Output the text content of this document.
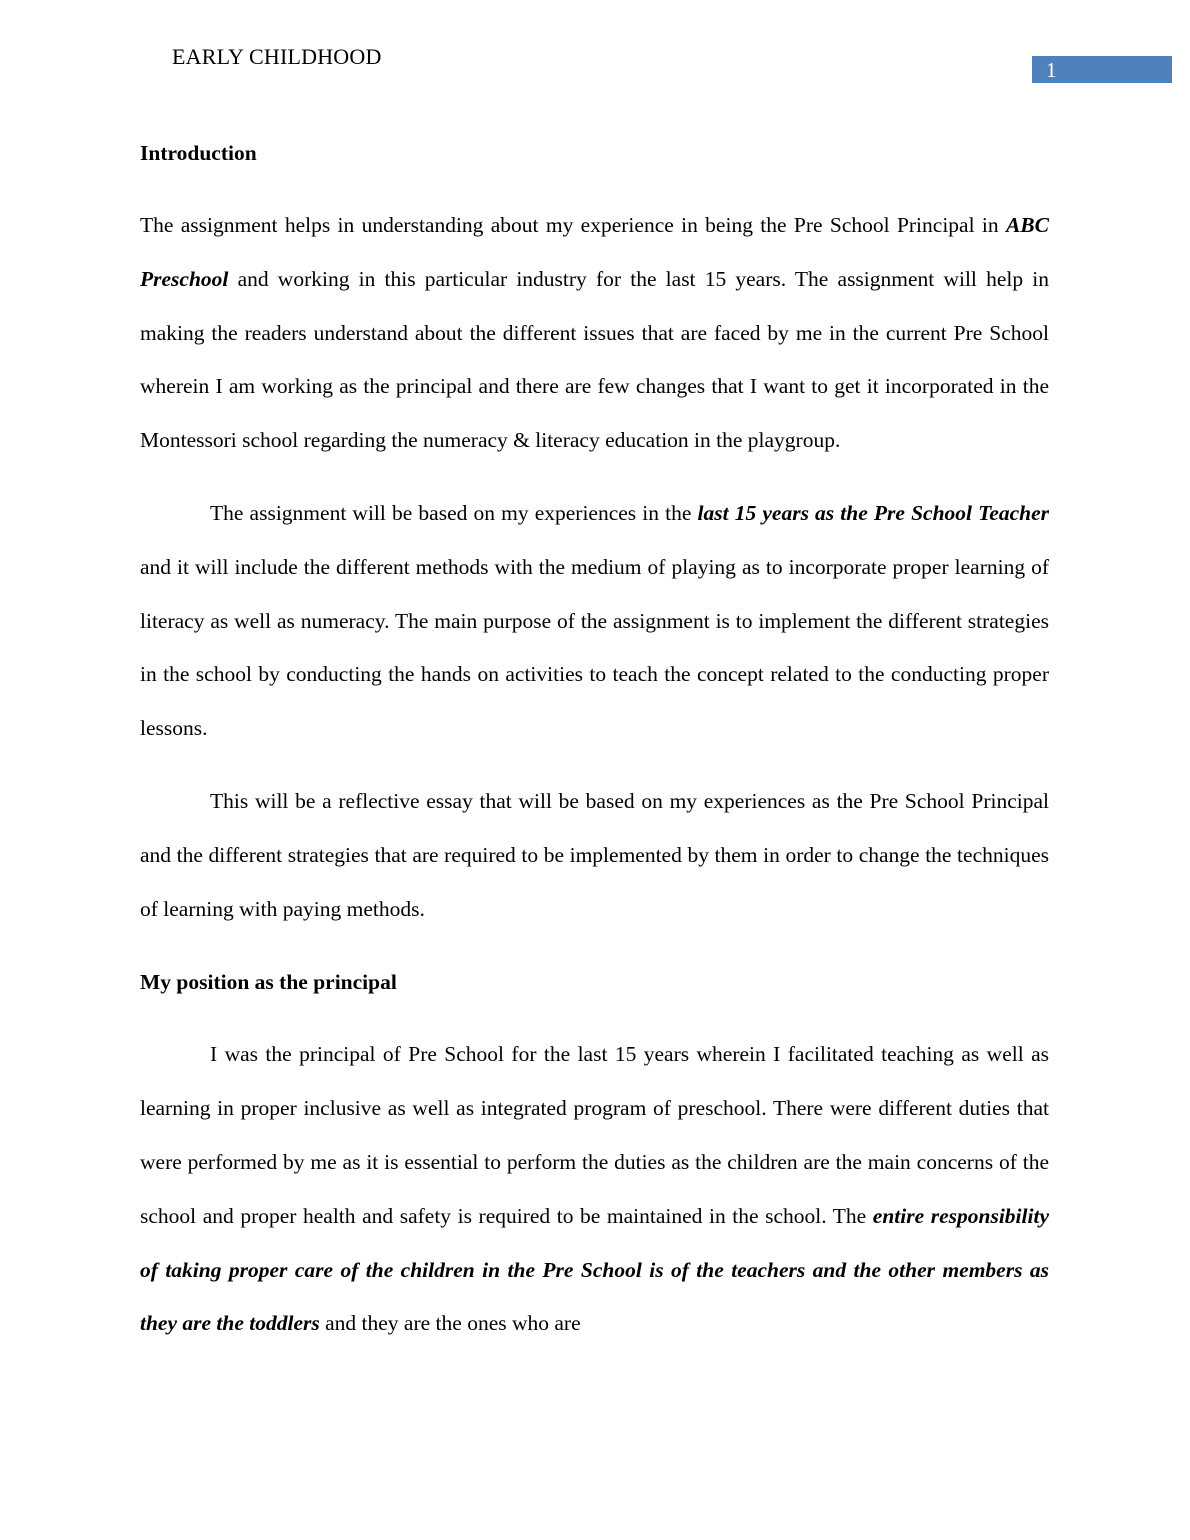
EARLY CHILDHOOD
1
Introduction

The assignment helps in understanding about my experience in being the Pre School Principal in ABC Preschool and working in this particular industry for the last 15 years. The assignment will help in making the readers understand about the different issues that are faced by me in the current Pre School wherein I am working as the principal and there are few changes that I want to get it incorporated in the Montessori school regarding the numeracy & literacy education in the playgroup.

The assignment will be based on my experiences in the last 15 years as the Pre School Teacher and it will include the different methods with the medium of playing as to incorporate proper learning of literacy as well as numeracy. The main purpose of the assignment is to implement the different strategies in the school by conducting the hands on activities to teach the concept related to the conducting proper lessons.

This will be a reflective essay that will be based on my experiences as the Pre School Principal and the different strategies that are required to be implemented by them in order to change the techniques of learning with paying methods.

My position as the principal

I was the principal of Pre School for the last 15 years wherein I facilitated teaching as well as learning in proper inclusive as well as integrated program of preschool. There were different duties that were performed by me as it is essential to perform the duties as the children are the main concerns of the school and proper health and safety is required to be maintained in the school. The entire responsibility of taking proper care of the children in the Pre School is of the teachers and the other members as they are the toddlers and they are the ones who are
